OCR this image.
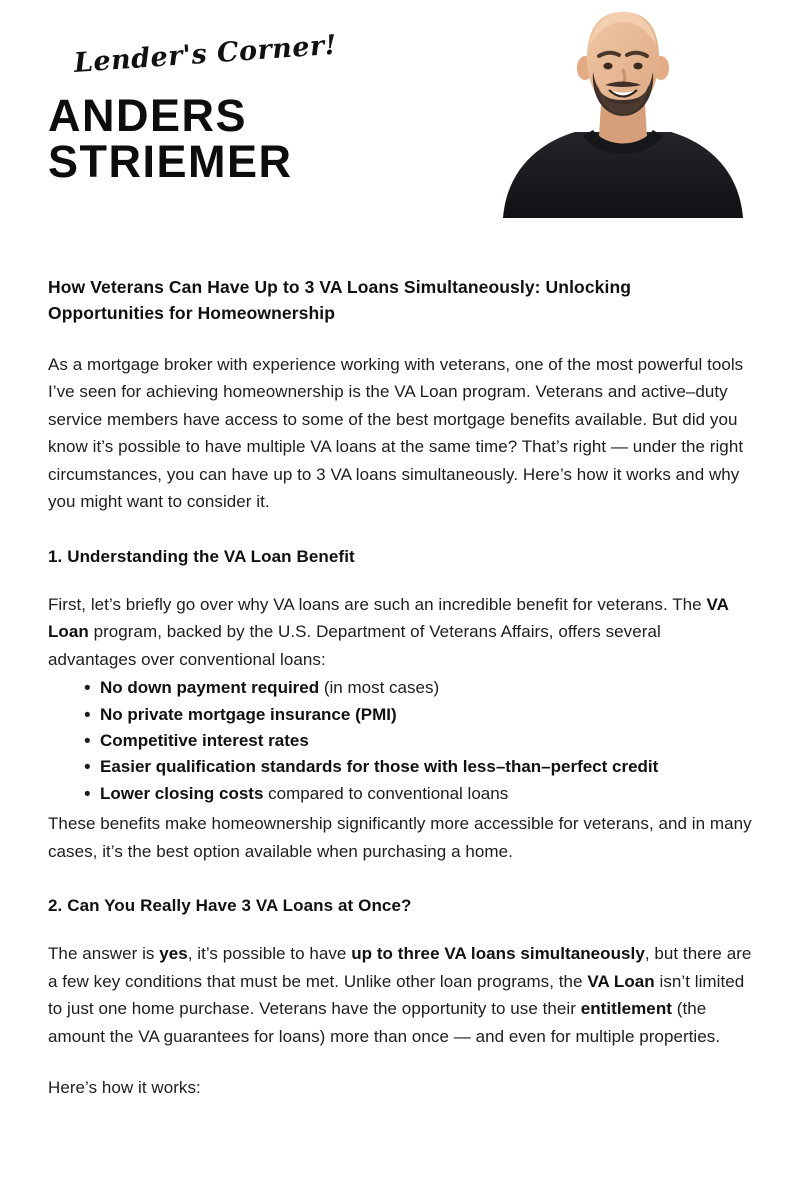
Lender's Corner!
ANDERS
STRIEMER
How Veterans Can Have Up to 3 VA Loans Simultaneously: Unlocking Opportunities for Homeownership

As a mortgage broker with experience working with veterans, one of the most powerful tools I’ve seen for achieving homeownership is the VA Loan program. Veterans and active–duty service members have access to some of the best mortgage benefits available. But did you know it’s possible to have multiple VA loans at the same time? That’s right — under the right circumstances, you can have up to 3 VA loans simultaneously. Here’s how it works and why you might want to consider it.

1. Understanding the VA Loan Benefit

First, let’s briefly go over why VA loans are such an incredible benefit for veterans. The VA Loan program, backed by the U.S. Department of Veterans Affairs, offers several advantages over conventional loans:

• No down payment required (in most cases)
• No private mortgage insurance (PMI)
• Competitive interest rates
• Easier qualification standards for those with less–than–perfect credit
• Lower closing costs compared to conventional loans

These benefits make homeownership significantly more accessible for veterans, and in many cases, it’s the best option available when purchasing a home.

2. Can You Really Have 3 VA Loans at Once?

The answer is yes, it’s possible to have up to three VA loans simultaneously, but there are a few key conditions that must be met. Unlike other loan programs, the VA Loan isn’t limited to just one home purchase. Veterans have the opportunity to use their entitlement (the amount the VA guarantees for loans) more than once — and even for multiple properties.

Here’s how it works:
